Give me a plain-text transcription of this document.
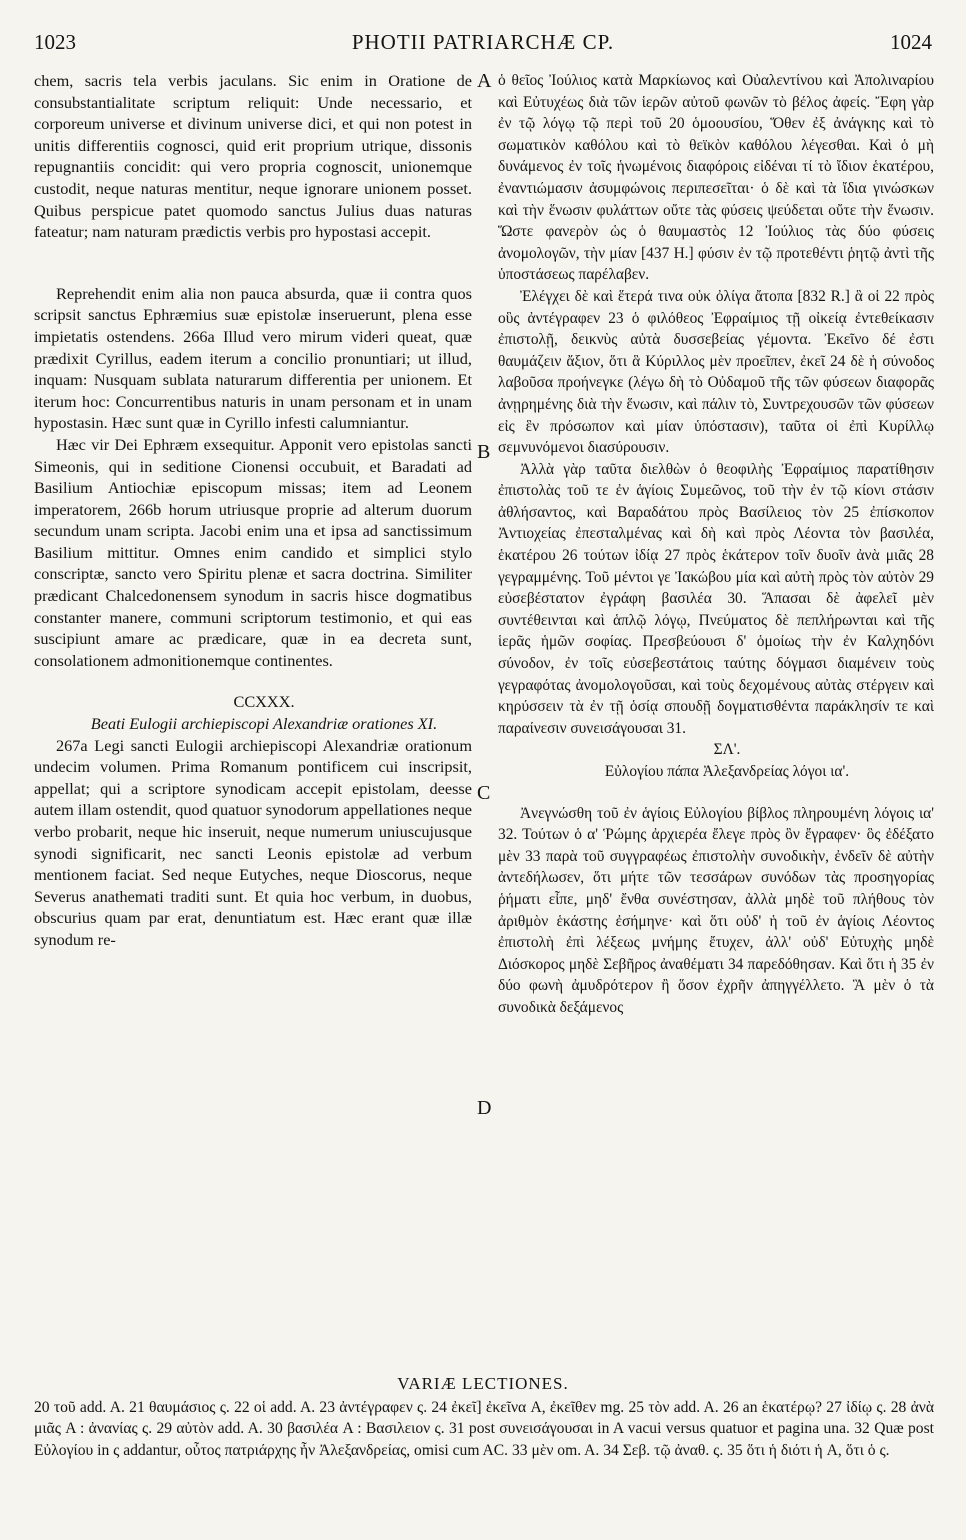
1023	PHOTII PATRIARCHÆ CP.	1024
A
B
C
D

chem, sacris tela verbis jaculans. Sic enim in Oratione de consubstantialitate scriptum reliquit: Unde necessario, et corporeum universe et divinum universe dici, et qui non potest in unitis differentiis cognosci, quid erit proprium utrique, dissonis repugnantiis concidit: qui vero propria cognoscit, unionemque custodit, neque naturas mentitur, neque ignorare unionem posset. Quibus perspicue patet quomodo sanctus Julius duas naturas fateatur; nam naturam prædictis verbis pro hypostasi accepit.

Reprehendit enim alia non pauca absurda, quæ ii contra quos scripsit sanctus Ephræmius suæ epistolæ inseruerunt, plena esse impietatis ostendens. 266a Illud vero mirum videri queat, quæ prædixit Cyrillus, eadem iterum a concilio pronuntiari; ut illud, inquam: Nusquam sublata naturarum differentia per unionem. Et iterum hoc: Concurrentibus naturis in unam personam et in unam hypostasin. Hæc sunt quæ in Cyrillo infesti calumniantur.

Hæc vir Dei Ephræm exsequitur. Apponit vero epistolas sancti Simeonis, qui in seditione Cionensi occubuit, et Baradati ad Basilium Antiochiæ episcopum missas; item ad Leonem imperatorem, 266b horum utriusque proprie ad alterum duorum secundum unam scripta. Jacobi enim una et ipsa ad sanctissimum Basilium mittitur. Omnes enim candido et simplici stylo conscriptæ, sancto vero Spiritu plenæ et sacra doctrina. Similiter prædicant Chalcedonensem synodum in sacris hisce dogmatibus constanter manere, communi scriptorum testimonio, et qui eas suscipiunt amare ac prædicare, quæ in ea decreta sunt, consolationem admonitionemque continentes.

CCXXX.

Beati Eulogii archiepiscopi Alexandriæ orationes XI.

267a Legi sancti Eulogii archiepiscopi Alexandriæ orationum undecim volumen. Prima Romanum pontificem cui inscripsit, appellat; qui a scriptore synodicam accepit epistolam, deesse autem illam ostendit, quod quatuor synodorum appellationes neque verbo probarit, neque hic inseruit, neque numerum uniuscujusque synodi significarit, nec sancti Leonis epistolæ ad verbum mentionem faciat. Sed neque Eutyches, neque Dioscorus, neque Severus anathemati traditi sunt. Et quia hoc verbum, in duobus, obscurius quam par erat, denuntiatum est. Hæc erant quæ illæ synodum re-

ὁ θεῖος Ἰούλιος κατὰ Μαρκίωνος καὶ Οὐαλεντίνου καὶ Ἀπολιναρίου καὶ Εὐτυχέως διὰ τῶν ἱερῶν αὐτοῦ φωνῶν τὸ βέλος ἀφείς. Ἔφη γὰρ ἐν τῷ λόγῳ τῷ περὶ τοῦ 20 ὁμοουσίου, Ὅθεν ἐξ ἀνάγκης καὶ τὸ σωματικὸν καθόλου καὶ τὸ θεϊκὸν καθόλου λέγεσθαι. Καὶ ὁ μὴ δυνάμενος ἐν τοῖς ἡνωμένοις διαφόροις εἰδέναι τί τὸ ἴδιον ἑκατέρου, ἐναντιώμασιν ἀσυμφώνοις περιπεσεῖται· ὁ δὲ καὶ τὰ ἴδια γινώσκων καὶ τὴν ἕνωσιν φυλάττων οὔτε τὰς φύσεις ψεύδεται οὔτε τὴν ἕνωσιν. Ὥστε φανερὸν ὡς ὁ θαυμαστὸς 12 Ἰούλιος τὰς δύο φύσεις ἀνομολογῶν, τὴν μίαν [437 H.] φύσιν ἐν τῷ προτεθέντι ῥητῷ ἀντὶ τῆς ὑποστάσεως παρέλαβεν.

Ἐλέγχει δὲ καὶ ἕτερά τινα οὐκ ὀλίγα ἄτοπα [832 R.] ἃ οἱ 22 πρὸς οὓς ἀντέγραφεν 23 ὁ φιλόθεος Ἐφραίμιος τῇ οἰκείᾳ ἐντεθείκασιν ἐπιστολῇ, δεικνὺς αὐτὰ δυσσεβείας γέμοντα. Ἐκεῖνο δέ ἐστι θαυμάζειν ἄξιον, ὅτι ἃ Κύριλλος μὲν προεῖπεν, ἐκεῖ 24 δὲ ἡ σύνοδος λαβοῦσα προήνεγκε (λέγω δὴ τὸ Οὐδαμοῦ τῆς τῶν φύσεων διαφορᾶς ἀνῃρημένης διὰ τὴν ἕνωσιν, καὶ πάλιν τὸ, Συντρεχουσῶν τῶν φύσεων εἰς ἓν πρόσωπον καὶ μίαν ὑπόστασιν), ταῦτα οἱ ἐπὶ Κυρίλλῳ σεμνυνόμενοι διασύρουσιν.

Ἀλλὰ γὰρ ταῦτα διελθὼν ὁ θεοφιλὴς Ἐφραίμιος παρατίθησιν ἐπιστολὰς τοῦ τε ἐν ἁγίοις Συμεῶνος, τοῦ τὴν ἐν τῷ κίονι στάσιν ἀθλήσαντος, καὶ Βαραδάτου πρὸς Βασίλειος τὸν 25 ἐπίσκοπον Ἀντιοχείας ἐπεσταλμένας καὶ δὴ καὶ πρὸς Λέοντα τὸν βασιλέα, ἑκατέρου 26 τούτων ἰδίᾳ 27 πρὸς ἑκάτερον τοῖν δυοῖν ἀνὰ μιᾶς 28 γεγραμμένης. Τοῦ μέντοι γε Ἰακώβου μία καὶ αὐτὴ πρὸς τὸν αὐτὸν 29 εὐσεβέστατον ἐγράφη βασιλέα 30. Ἅπασαι δὲ ἀφελεῖ μὲν συντέθεινται καὶ ἁπλῷ λόγῳ, Πνεύματος δὲ πεπλήρωνται καὶ τῆς ἱερᾶς ἡμῶν σοφίας. Πρεσβεύουσι δ' ὁμοίως τὴν ἐν Καλχηδόνι σύνοδον, ἐν τοῖς εὐσεβεστάτοις ταύτης δόγμασι διαμένειν τοὺς γεγραφότας ἀνομολογοῦσαι, καὶ τοὺς δεχομένους αὐτὰς στέργειν καὶ κηρύσσειν τὰ ἐν τῇ ὁσίᾳ σπουδῇ δογματισθέντα παράκλησίν τε καὶ παραίνεσιν συνεισάγουσαι 31.

ΣΛ'.

Εὐλογίου πάπα Ἀλεξανδρείας λόγοι ια'.

Ἀνεγνώσθη τοῦ ἐν ἁγίοις Εὐλογίου βίβλος πληρουμένη λόγοις ια' 32. Τούτων ὁ α' Ῥώμης ἀρχιερέα ἔλεγε πρὸς ὃν ἔγραφεν· ὃς ἐδέξατο μὲν 33 παρὰ τοῦ συγγραφέως ἐπιστολὴν συνοδικὴν, ἐνδεῖν δὲ αὐτὴν ἀντεδήλωσεν, ὅτι μήτε τῶν τεσσάρων συνόδων τὰς προσηγορίας ῥήματι εἶπε, μηδ' ἔνθα συνέστησαν, ἀλλὰ μηδὲ τοῦ πλήθους τὸν ἀριθμὸν ἑκάστης ἐσήμηνε· καὶ ὅτι οὐδ' ἡ τοῦ ἐν ἁγίοις Λέοντος ἐπιστολὴ ἐπὶ λέξεως μνήμης ἔτυχεν, ἀλλ' οὐδ' Εὐτυχὴς μηδὲ Διόσκορος μηδὲ Σεβῆρος ἀναθέματι 34 παρεδόθησαν. Καὶ ὅτι ἡ 35 ἐν δύο φωνὴ ἀμυδρότερον ἢ ὅσον ἐχρῆν ἀπηγγέλλετο. Ἃ μὲν ὁ τὰ συνοδικὰ δεξάμενος

VARIÆ LECTIONES.
20 τοῦ add. A. 21 θαυμάσιος ς. 22 οἱ add. A. 23 ἀντέγραφεν ς. 24 ἐκεῖ] ἐκεῖνα A, ἐκεῖθεν mg. 25 τὸν add. A. 26 an ἑκατέρῳ? 27 ἰδίῳ ς. 28 ἀνὰ μιᾶς A : ἀνανίας ς. 29 αὐτὸν add. A. 30 βασιλέα A : Βασιλειον ς. 31 post συνεισάγουσαι in A vacui versus quatuor et pagina una. 32 Quæ post Εὐλογίου in ς addantur, οὗτος πατριάρχης ἦν Ἀλεξανδρείας, omisi cum AC. 33 μὲν om. A. 34 Σεβ. τῷ ἀναθ. ς. 35 ὅτι ἡ διότι ἡ A, ὅτι ὁ ς.
